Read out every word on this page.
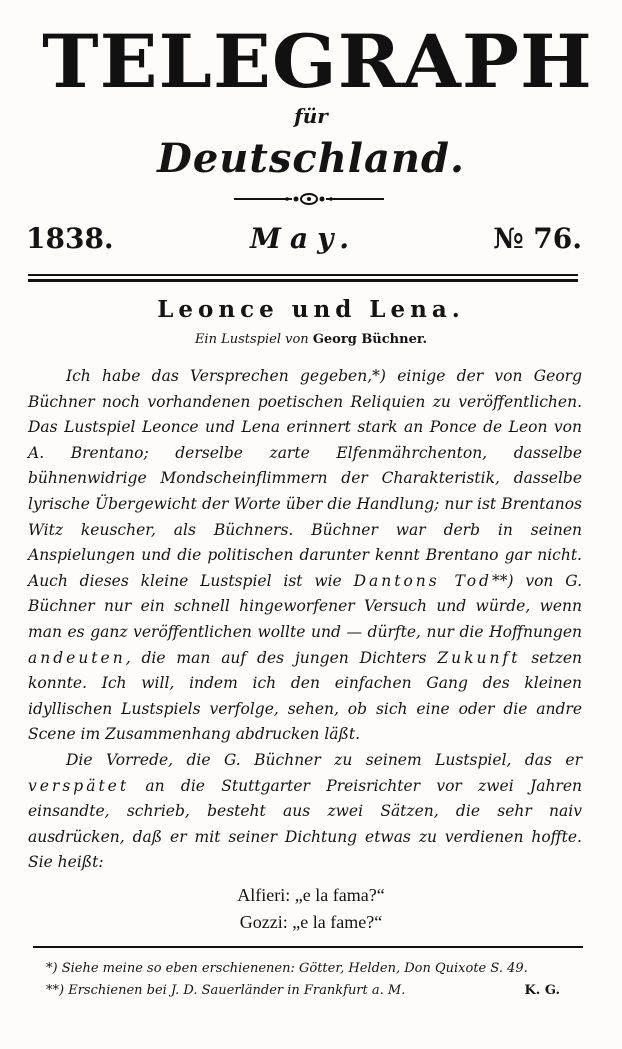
TELEGRAPH
für
Deutschland.
1838.	May.	№ 76.
Leonce und Lena.
Ein Lustspiel von Georg Büchner.

Ich habe das Versprechen gegeben,*) einige der von Georg Büchner noch vorhandenen poetischen Reliquien zu veröffentlichen. Das Lustspiel Leonce und Lena erinnert stark an Ponce de Leon von A. Brentano; derselbe zarte Elfenmährchenton, dasselbe bühnenwidrige Mondscheinflimmern der Charakteristik, dasselbe lyrische Übergewicht der Worte über die Handlung; nur ist Brentanos Witz keuscher, als Büchners. Büchner war derb in seinen Anspielungen und die politischen darunter kennt Brentano gar nicht. Auch dieses kleine Lustspiel ist wie Dantons Tod**) von G. Büchner nur ein schnell hingeworfener Versuch und würde, wenn man es ganz veröffentlichen wollte und — dürfte, nur die Hoffnungen andeuten, die man auf des jungen Dichters Zukunft setzen konnte. Ich will, indem ich den einfachen Gang des kleinen idyllischen Lustspiels verfolge, sehen, ob sich eine oder die andre Scene im Zusammenhang abdrucken läßt.

Die Vorrede, die G. Büchner zu seinem Lustspiel, das er verspätet an die Stuttgarter Preisrichter vor zwei Jahren einsandte, schrieb, besteht aus zwei Sätzen, die sehr naiv ausdrücken, daß er mit seiner Dichtung etwas zu verdienen hoffte. Sie heißt:

Alfieri: „e la fama?“
Gozzi: „e la fame?“
*) Siehe meine so eben erschienenen: Götter, Helden, Don Quixote S. 49.
**) Erschienen bei J. D. Sauerländer in Frankfurt a. M.	K. G.
